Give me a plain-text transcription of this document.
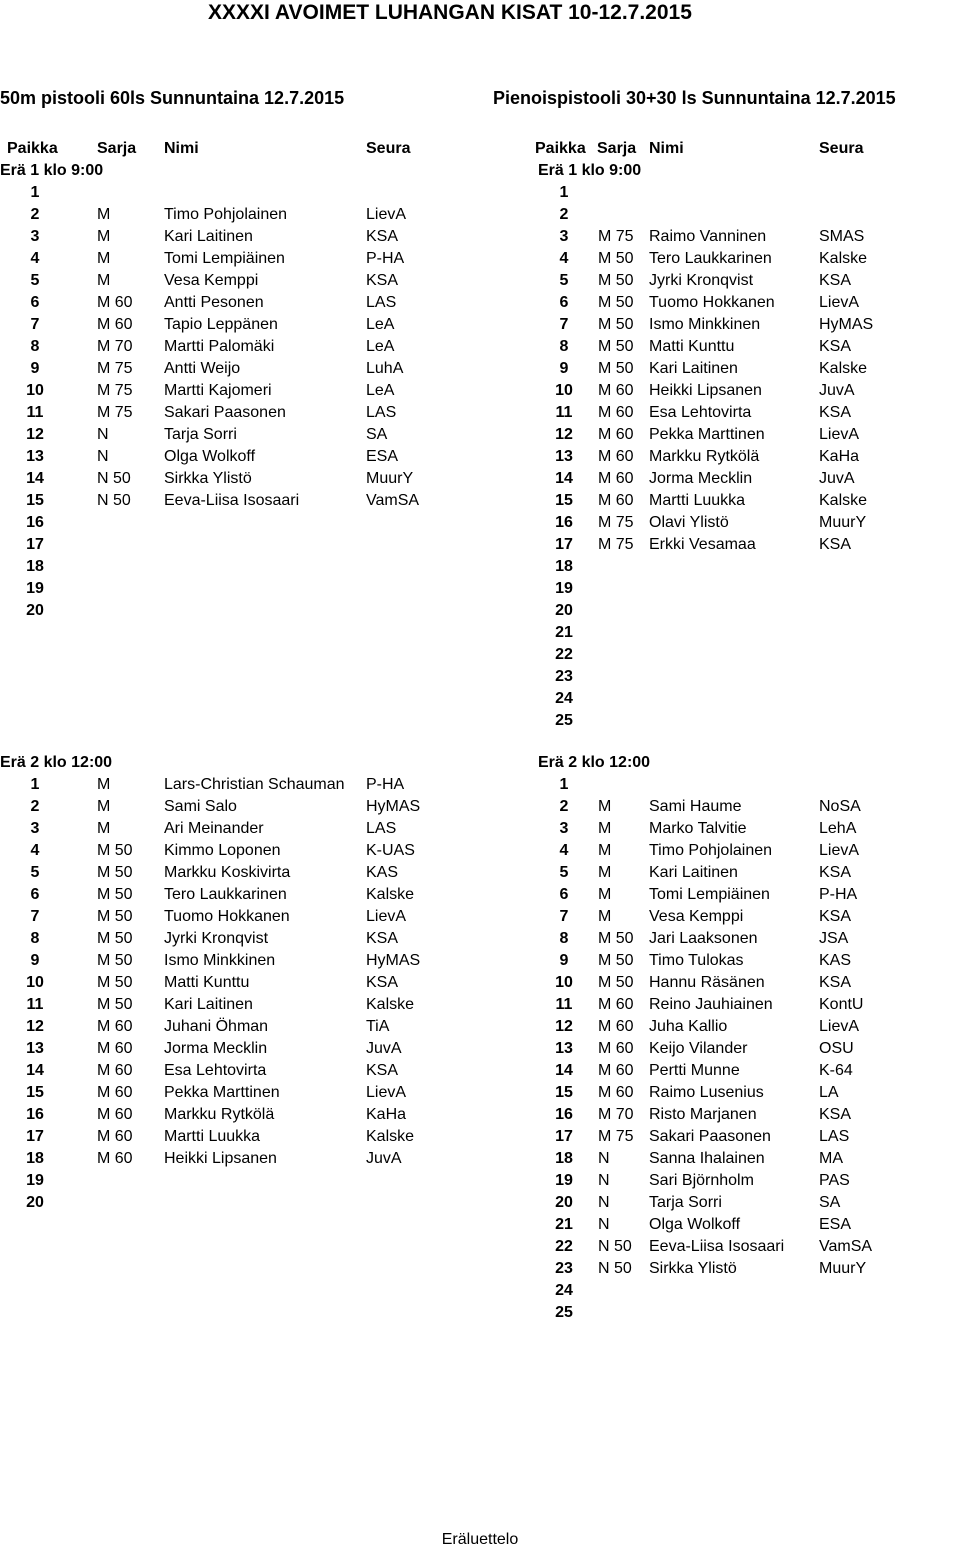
XXXXI AVOIMET LUHANGAN KISAT 10-12.7.2015
50m pistooli 60ls Sunnuntaina 12.7.2015	Pienoispistooli 30+30 ls Sunnuntaina 12.7.2015
Paikka Sarja Nimi	Seura
Erä 1 klo 9:00
1
2	M	Timo Pohjolainen	LievA
3	M	Kari Laitinen	KSA
4	M	Tomi Lempiäinen	P-HA
5	M	Vesa Kemppi	KSA
6	M 60 Antti Pesonen	LAS
7	M 60 Tapio Leppänen	LeA
8	M 70 Martti Palomäki	LeA
9	M 75 Antti Weijo	LuhA
10	M 75 Martti Kajomeri	LeA
11	M 75 Sakari Paasonen	LAS
12	N	Tarja Sorri	SA
13	N	Olga Wolkoff	ESA
14	N 50 Sirkka Ylistö	MuurY
15	N 50 Eeva-Liisa Isosaari	VamSA
16
17
18
19
20
Erä 2 klo 12:00
1	M	Lars-Christian Schauman P-HA
2	M	Sami Salo	HyMAS
3	M	Ari Meinander	LAS
4	M 50 Kimmo Loponen	K-UAS
5	M 50 Markku Koskivirta	KAS
6	M 50 Tero Laukkarinen	Kalske
7	M 50 Tuomo Hokkanen	LievA
8	M 50 Jyrki Kronqvist	KSA
9	M 50 Ismo Minkkinen	HyMAS
10	M 50 Matti Kunttu	KSA
11	M 50 Kari Laitinen	Kalske
12	M 60 Juhani Öhman	TiA
13	M 60 Jorma Mecklin	JuvA
14	M 60 Esa Lehtovirta	KSA
15	M 60 Pekka Marttinen	LievA
16	M 60 Markku Rytkölä	KaHa
17	M 60 Martti Luukka	Kalske
18	M 60 Heikki Lipsanen	JuvA
19
20
Paikka Sarja Nimi	Seura
Erä 1 klo 9:00
1
2
3	M 75 Raimo Vanninen	SMAS
4	M 50 Tero Laukkarinen	Kalske
5	M 50 Jyrki Kronqvist	KSA
6	M 50 Tuomo Hokkanen	LievA
7	M 50 Ismo Minkkinen	HyMAS
8	M 50 Matti Kunttu	KSA
9	M 50 Kari Laitinen	Kalske
10	M 60 Heikki Lipsanen	JuvA
11	M 60 Esa Lehtovirta	KSA
12	M 60 Pekka Marttinen	LievA
13	M 60 Markku Rytkölä	KaHa
14	M 60 Jorma Mecklin	JuvA
15	M 60 Martti Luukka	Kalske
16	M 75 Olavi Ylistö	MuurY
17	M 75 Erkki Vesamaa	KSA
18
19
20
21
22
23
24
25
Erä 2 klo 12:00
1
2	M Sami Haume	NoSA
3	M Marko Talvitie	LehA
4	M Timo Pohjolainen	LievA
5	M Kari Laitinen	KSA
6	M Tomi Lempiäinen	P-HA
7	M Vesa Kemppi	KSA
8	M 50 Jari Laaksonen	JSA
9	M 50 Timo Tulokas	KAS
10	M 50 Hannu Räsänen	KSA
11	M 60 Reino Jauhiainen	KontU
12	M 60 Juha Kallio	LievA
13	M 60 Keijo Vilander	OSU
14	M 60 Pertti Munne	K-64
15	M 60 Raimo Lusenius	LA
16	M 70 Risto Marjanen	KSA
17	M 75 Sakari Paasonen	LAS
18	N Sanna Ihalainen	MA
19	N Sari Björnholm	PAS
20	N Tarja Sorri	SA
21	N Olga Wolkoff	ESA
22	N 50 Eeva-Liisa Isosaari VamSA
23	N 50 Sirkka Ylistö	MuurY
24
25
Eräluettelo
